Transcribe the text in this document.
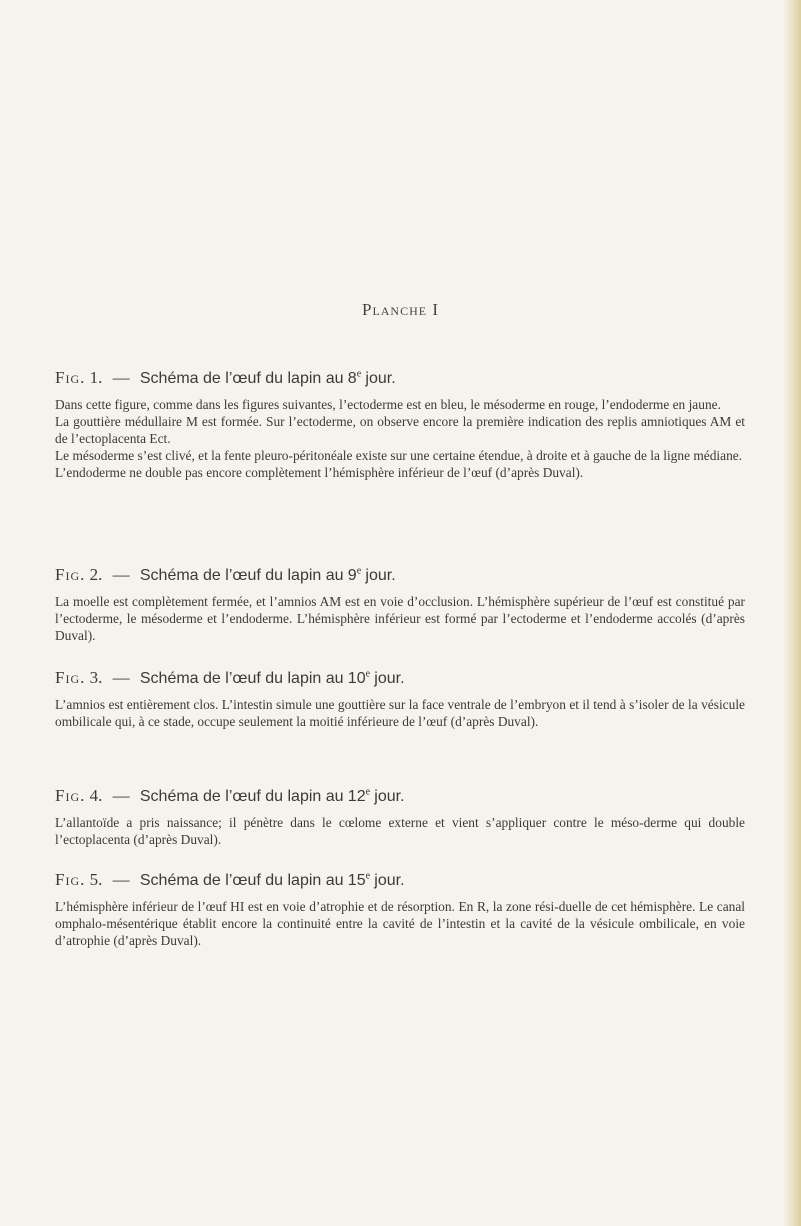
Planche I
Fig. 1. — Schéma de l’œuf du lapin au 8e jour.

Dans cette figure, comme dans les figures suivantes, l’ectoderme est en bleu, le mésoderme en rouge, l’endoderme en jaune.

La gouttière médullaire M est formée. Sur l’ectoderme, on observe encore la première indication des replis amniotiques AM et de l’ectoplacenta Ect.

Le mésoderme s’est clivé, et la fente pleuro-péritonéale existe sur une certaine étendue, à droite et à gauche de la ligne médiane.

L’endoderme ne double pas encore complètement l’hémisphère inférieur de l’œuf (d’après Duval).

Fig. 2. — Schéma de l’œuf du lapin au 9e jour.

La moelle est complètement fermée, et l’amnios AM est en voie d’occlusion. L’hémisphère supérieur de l’œuf est constitué par l’ectoderme, le mésoderme et l’endoderme. L’hémisphère inférieur est formé par l’ectoderme et l’endoderme accolés (d’après Duval).

Fig. 3. — Schéma de l’œuf du lapin au 10e jour.

L’amnios est entièrement clos. L’intestin simule une gouttière sur la face ventrale de l’embryon et il tend à s’isoler de la vésicule ombilicale qui, à ce stade, occupe seulement la moitié inférieure de l’œuf (d’après Duval).

Fig. 4. — Schéma de l’œuf du lapin au 12e jour.

L’allantoïde a pris naissance; il pénètre dans le cœlome externe et vient s’appliquer contre le méso-derme qui double l’ectoplacenta (d’après Duval).

Fig. 5. — Schéma de l’œuf du lapin au 15e jour.

L’hémisphère inférieur de l’œuf HI est en voie d’atrophie et de résorption. En R, la zone rési-duelle de cet hémisphère. Le canal omphalo-mésentérique établit encore la continuité entre la cavité de l’intestin et la cavité de la vésicule ombilicale, en voie d’atrophie (d’après Duval).
